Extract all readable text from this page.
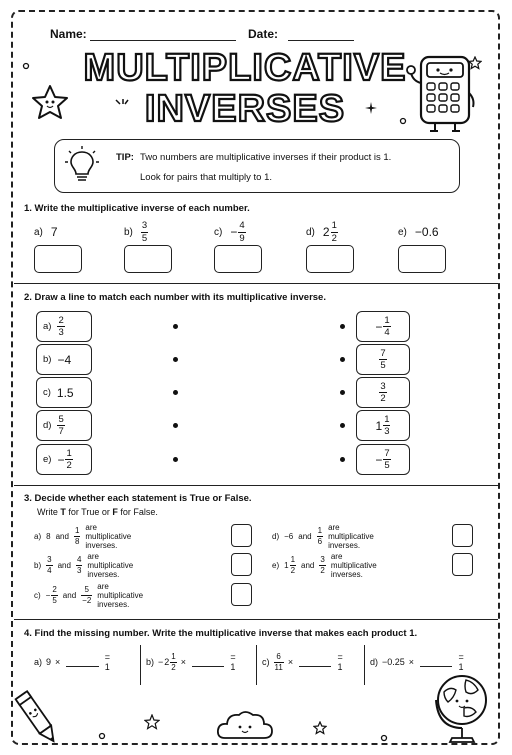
Name:	Date:
MULTIPLICATIVE
INVERSES
TIP: Two numbers are multiplicative inverses if their product is 1.
Look for pairs that multiply to 1.
1. Write the multiplicative inverse of each number.
a) 7	$b) \frac{3}{5}$	$c) - \frac{4}{9}$	d) $2 \frac{1}{2}$	e) −0.6
2. Draw a line to match each number with its multiplicative inverse.
$a) \frac{2}{3}$
b) −4
c) 1.5
$d) \frac{5}{7}$
$e) - \frac{1}{2}$
− $\frac{1}{4}$
$\frac{7}{5}$
$\frac{3}{2}$
$1 \frac{1}{3}$
− $\frac{7}{5}$
3. Decide whether each statement is True or False.
Write T for True or F for False.
a) 8 and $\frac{1}{8}$ are multiplicative inverses.
d) −6 and $\frac{1}{6}$ are multiplicative inverses.
$b) \frac{3}{4}$ and $\frac{4}{3}$ are multiplicative inverses.
e) $1 \frac{1}{2}$ and $\frac{3}{2}$ are multiplicative inverses.
$c) - \frac{2}{5}$ and $\frac{5}{-2}$ are multiplicative inverses.
4. Find the missing number. Write the multiplicative inverse that makes each product 1.
a) 9 ×	= 1	$b) - 2 \frac{1}{2}$ ×	= 1	$c) \frac{6}{11}$ ×	= 1	d) −0.25 ×	= 1
